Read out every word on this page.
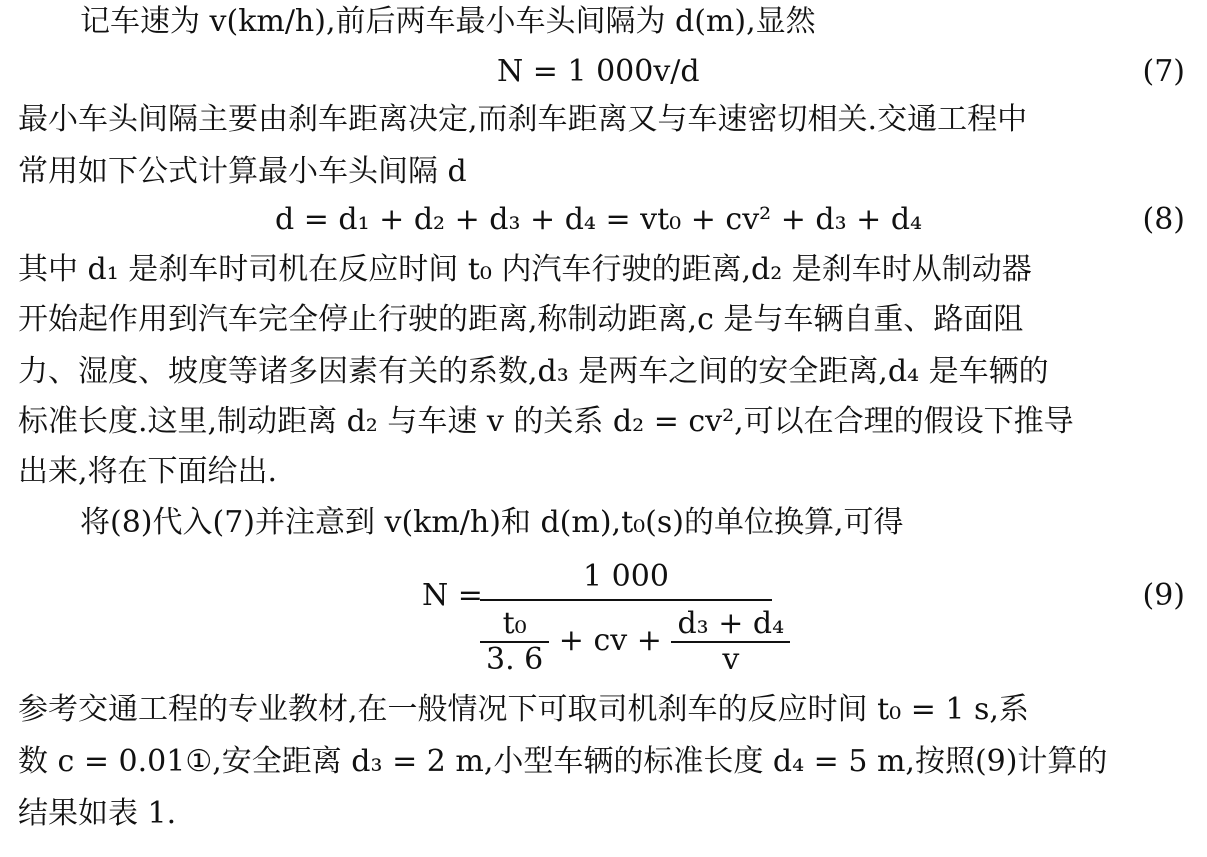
记车速为 v(km/h),前后两车最小车头间隔为 d(m),显然
N = 1 000v/d	(7)
最小车头间隔主要由刹车距离决定,而刹车距离又与车速密切相关.交通工程中
常用如下公式计算最小车头间隔 d
d = d₁ + d₂ + d₃ + d₄ = vt₀ + cv² + d₃ + d₄	(8)
其中 d₁ 是刹车时司机在反应时间 t₀ 内汽车行驶的距离,d₂ 是刹车时从制动器
开始起作用到汽车完全停止行驶的距离,称制动距离,c 是与车辆自重、路面阻
力、湿度、坡度等诸多因素有关的系数,d₃ 是两车之间的安全距离,d₄ 是车辆的
标准长度.这里,制动距离 d₂ 与车速 v 的关系 d₂ = cv²,可以在合理的假设下推导
出来,将在下面给出.
将(8)代入(7)并注意到 v(km/h)和 d(m),t₀(s)的单位换算,可得
N =
1 000
$\frac{\text{t₀}}{3. 6}$ + cv + $\frac{\text{d₃ + d₄}}{v}$
(9)
参考交通工程的专业教材,在一般情况下可取司机刹车的反应时间 t₀ = 1 s,系
数 c = 0.01①,安全距离 d₃ = 2 m,小型车辆的标准长度 d₄ = 5 m,按照(9)计算的
结果如表 1.
